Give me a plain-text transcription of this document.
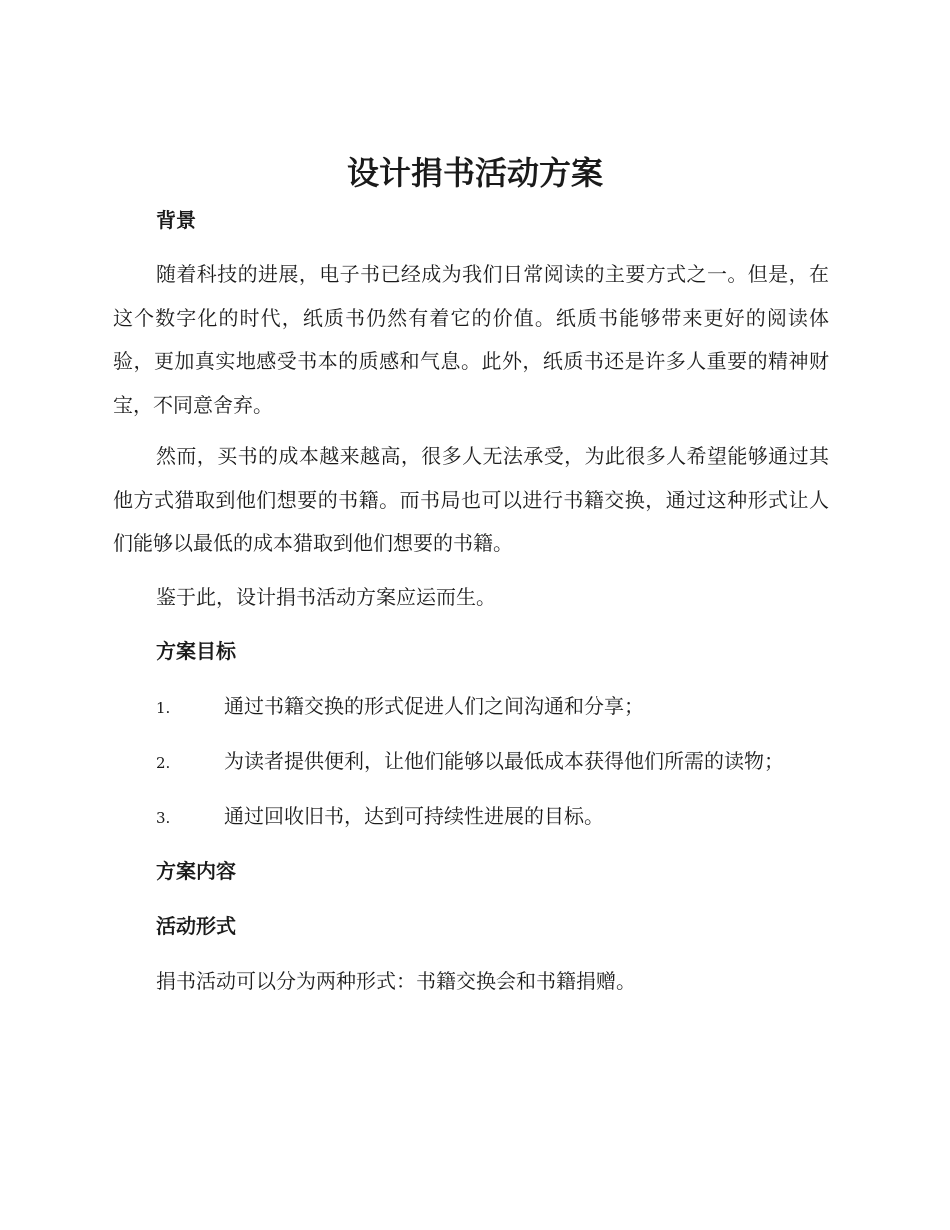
设计捐书活动方案
背景

随着科技的进展，电子书已经成为我们日常阅读的主要方式之一。但是，在这个数字化的时代，纸质书仍然有着它的价值。纸质书能够带来更好的阅读体验，更加真实地感受书本的质感和气息。此外，纸质书还是许多人重要的精神财宝，不同意舍弃。

然而，买书的成本越来越高，很多人无法承受，为此很多人希望能够通过其他方式猎取到他们想要的书籍。而书局也可以进行书籍交换，通过这种形式让人们能够以最低的成本猎取到他们想要的书籍。

鉴于此，设计捐书活动方案应运而生。

方案目标
1.	通过书籍交换的形式促进人们之间沟通和分享；
2.	为读者提供便利，让他们能够以最低成本获得他们所需的读物；
3.	通过回收旧书，达到可持续性进展的目标。
方案内容
活动形式

捐书活动可以分为两种形式：书籍交换会和书籍捐赠。
